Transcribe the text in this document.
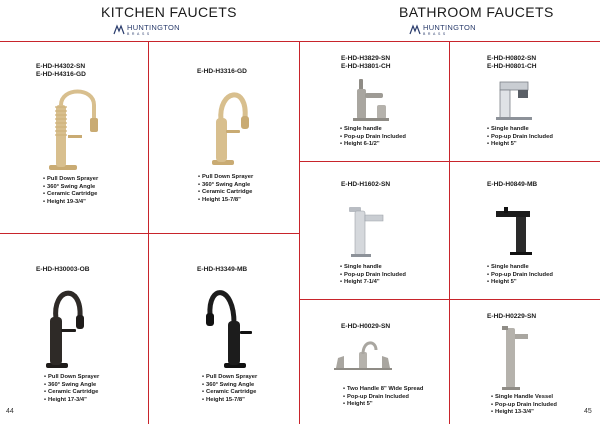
KITCHEN FAUCETS
HUNTINGTON
BRASS
BATHROOM FAUCETS
HUNTINGTON
BRASS
E-HD-H4302-SN
E-HD-H4316-GD
• Pull Down Sprayer
• 360° Swing Angle
• Ceramic Cartridge
• Height 19-3/4"
E-HD-H3316-GD
• Pull Down Sprayer
• 360° Swing Angle
• Ceramic Cartridge
• Height 15-7/8"
E-HD-H30003-OB
• Pull Down Sprayer
• 360° Swing Angle
• Ceramic Cartridge
• Height 17-3/4"
E-HD-H3349-MB
• Pull Down Sprayer
• 360° Swing Angle
• Ceramic Cartridge
• Height 15-7/8"
E-HD-H3829-SN
E-HD-H3801-CH
• Single handle
• Pop-up Drain Included
• Height 6-1/2"
E-HD-H0802-SN
E-HD-H0801-CH
• Single handle
• Pop-up Drain Included
• Height 5"
E-HD-H1602-SN
• Single handle
• Pop-up Drain Included
• Height 7-1/4"
E-HD-H0849-MB
• Single handle
• Pop-up Drain Included
• Height 5"
E-HD-H0029-SN
• Two Handle 8" Wide Spread
• Pop-up Drain Included
• Height 5"
E-HD-H0229-SN
• Single Handle Vessel
• Pop-up Drain Included
• Height 13-3/4"
44	45
